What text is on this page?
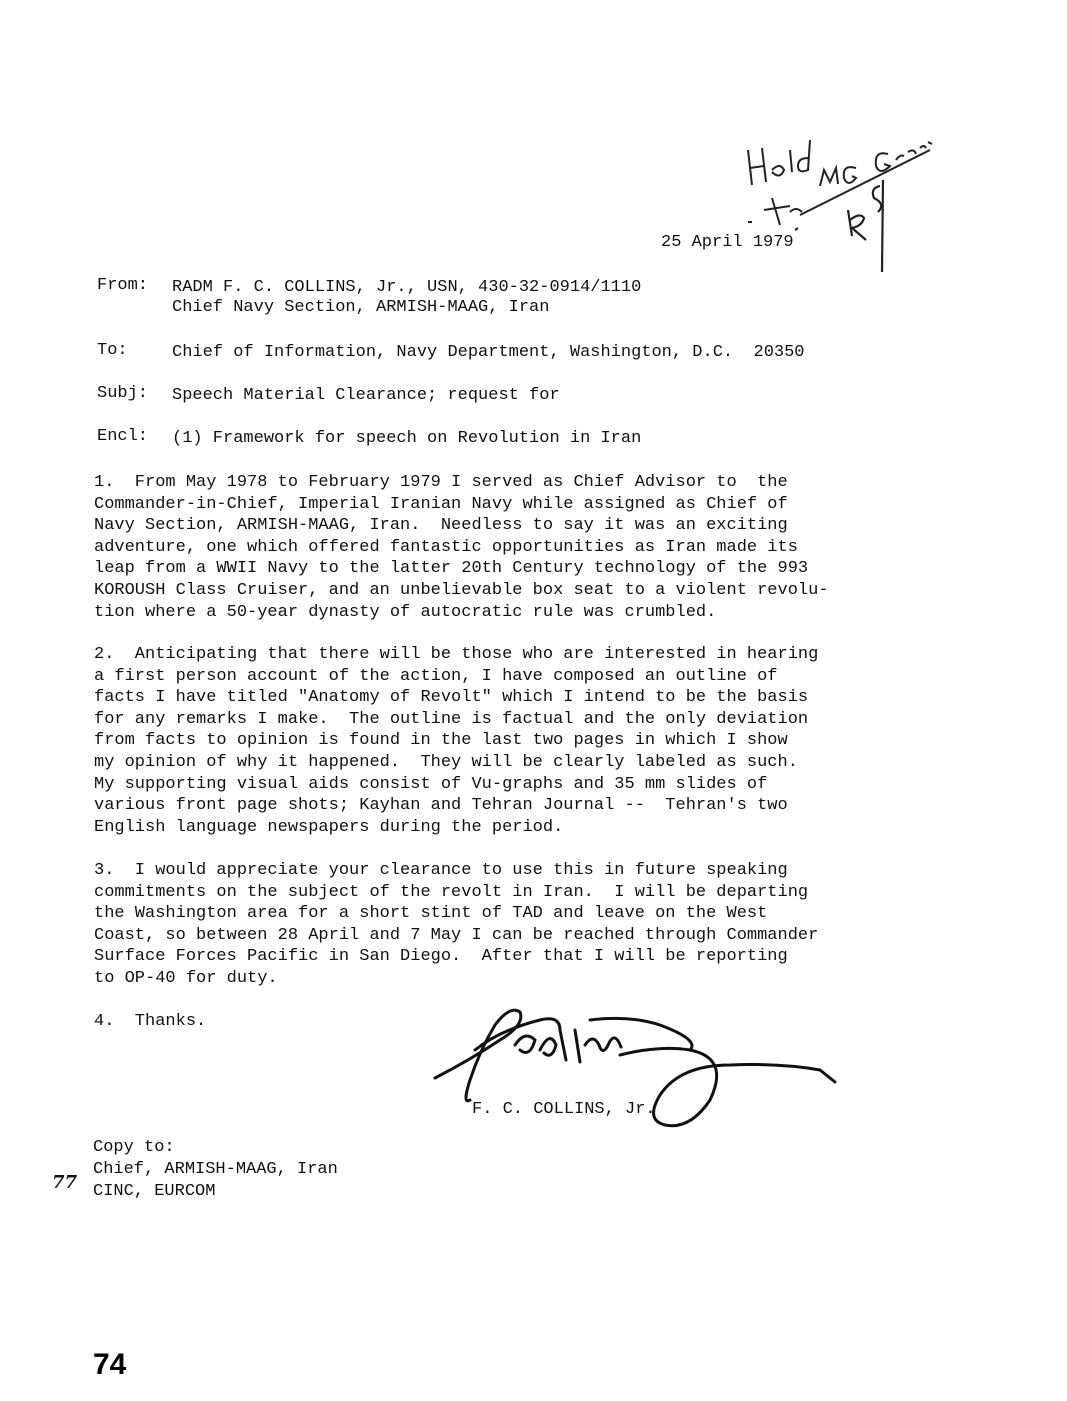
25 April 1979
From: RADM F. C. COLLINS, Jr., USN, 430-32-0914/1110
Chief Navy Section, ARMISH-MAAG, Iran
To:	Chief of Information, Navy Department, Washington, D.C.  20350
Subj: Speech Material Clearance; request for
Encl: (1) Framework for speech on Revolution in Iran
1.  From May 1978 to February 1979 I served as Chief Advisor to  the
Commander-in-Chief, Imperial Iranian Navy while assigned as Chief of
Navy Section, ARMISH-MAAG, Iran.  Needless to say it was an exciting
adventure, one which offered fantastic opportunities as Iran made its
leap from a WWII Navy to the latter 20th Century technology of the 993
KOROUSH Class Cruiser, and an unbelievable box seat to a violent revolu-
tion where a 50-year dynasty of autocratic rule was crumbled.
2.  Anticipating that there will be those who are interested in hearing
a first person account of the action, I have composed an outline of
facts I have titled "Anatomy of Revolt" which I intend to be the basis
for any remarks I make.  The outline is factual and the only deviation
from facts to opinion is found in the last two pages in which I show
my opinion of why it happened.  They will be clearly labeled as such.
My supporting visual aids consist of Vu-graphs and 35 mm slides of
various front page shots; Kayhan and Tehran Journal --  Tehran's two
English language newspapers during the period.
3.  I would appreciate your clearance to use this in future speaking
commitments on the subject of the revolt in Iran.  I will be departing
the Washington area for a short stint of TAD and leave on the West
Coast, so between 28 April and 7 May I can be reached through Commander
Surface Forces Pacific in San Diego.  After that I will be reporting
to OP-40 for duty.
4.  Thanks.
F. C. COLLINS, Jr.
Copy to:
Chief, ARMISH-MAAG, Iran
CINC, EURCOM
77
74
